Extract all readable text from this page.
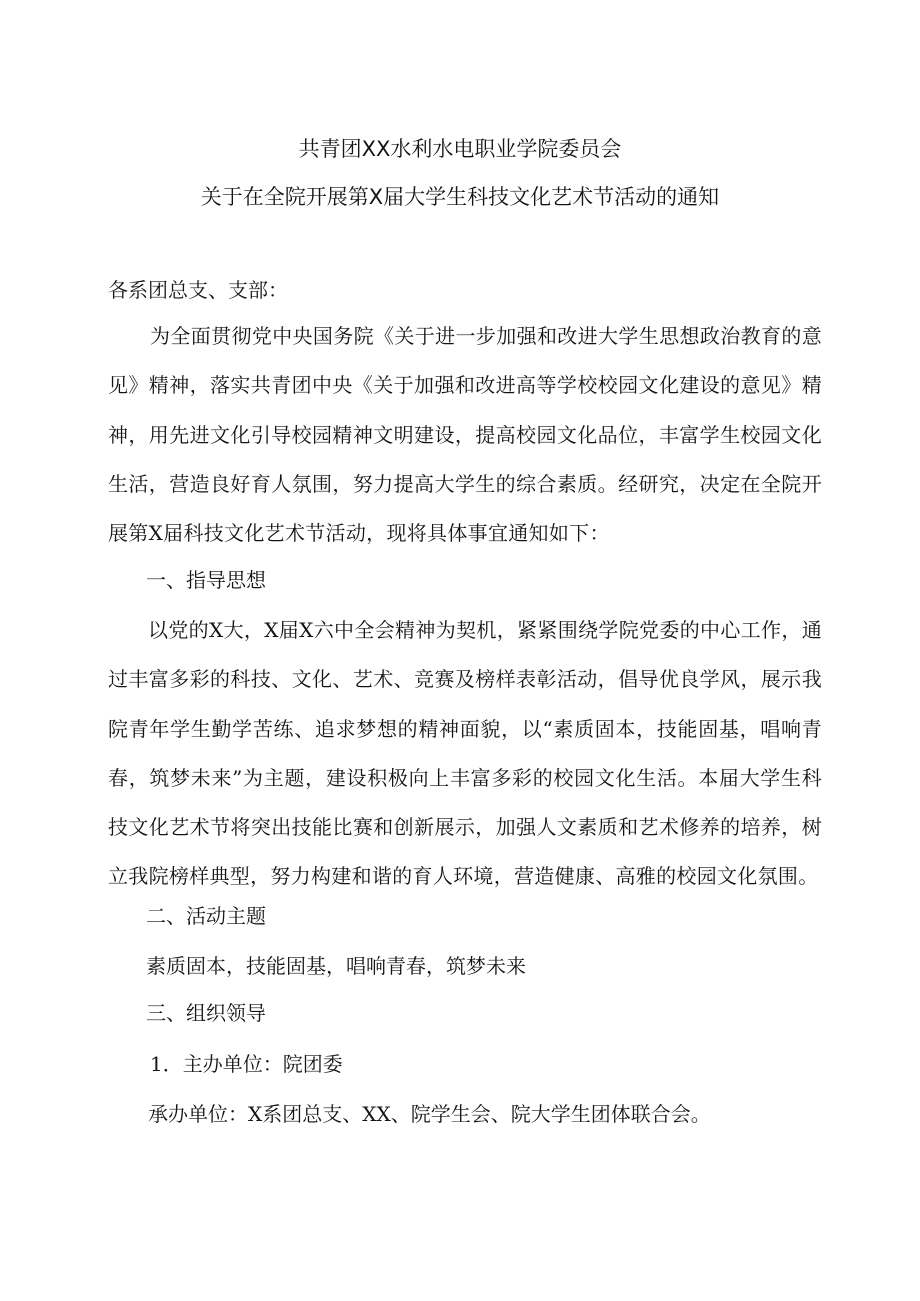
共青团XX水利水电职业学院委员会
关于在全院开展第X届大学生科技文化艺术节活动的通知
各系团总支、支部：

为全面贯彻党中央国务院《关于进一步加强和改进大学生思想政治教育的意见》精神，落实共青团中央《关于加强和改进高等学校校园文化建设的意见》精神，用先进文化引导校园精神文明建设，提高校园文化品位，丰富学生校园文化生活，营造良好育人氛围，努力提高大学生的综合素质。经研究，决定在全院开展第X届科技文化艺术节活动，现将具体事宜通知如下：

一、指导思想

以党的X大，X届X六中全会精神为契机，紧紧围绕学院党委的中心工作，通过丰富多彩的科技、文化、艺术、竞赛及榜样表彰活动，倡导优良学风，展示我院青年学生勤学苦练、追求梦想的精神面貌，以“素质固本，技能固基，唱响青春，筑梦未来”为主题，建设积极向上丰富多彩的校园文化生活。本届大学生科技文化艺术节将突出技能比赛和创新展示，加强人文素质和艺术修养的培养，树立我院榜样典型，努力构建和谐的育人环境，营造健康、高雅的校园文化氛围。

二、活动主题
素质固本，技能固基，唱响青春，筑梦未来
三、组织领导
1．主办单位：院团委
承办单位：X系团总支、XX、院学生会、院大学生团体联合会。
